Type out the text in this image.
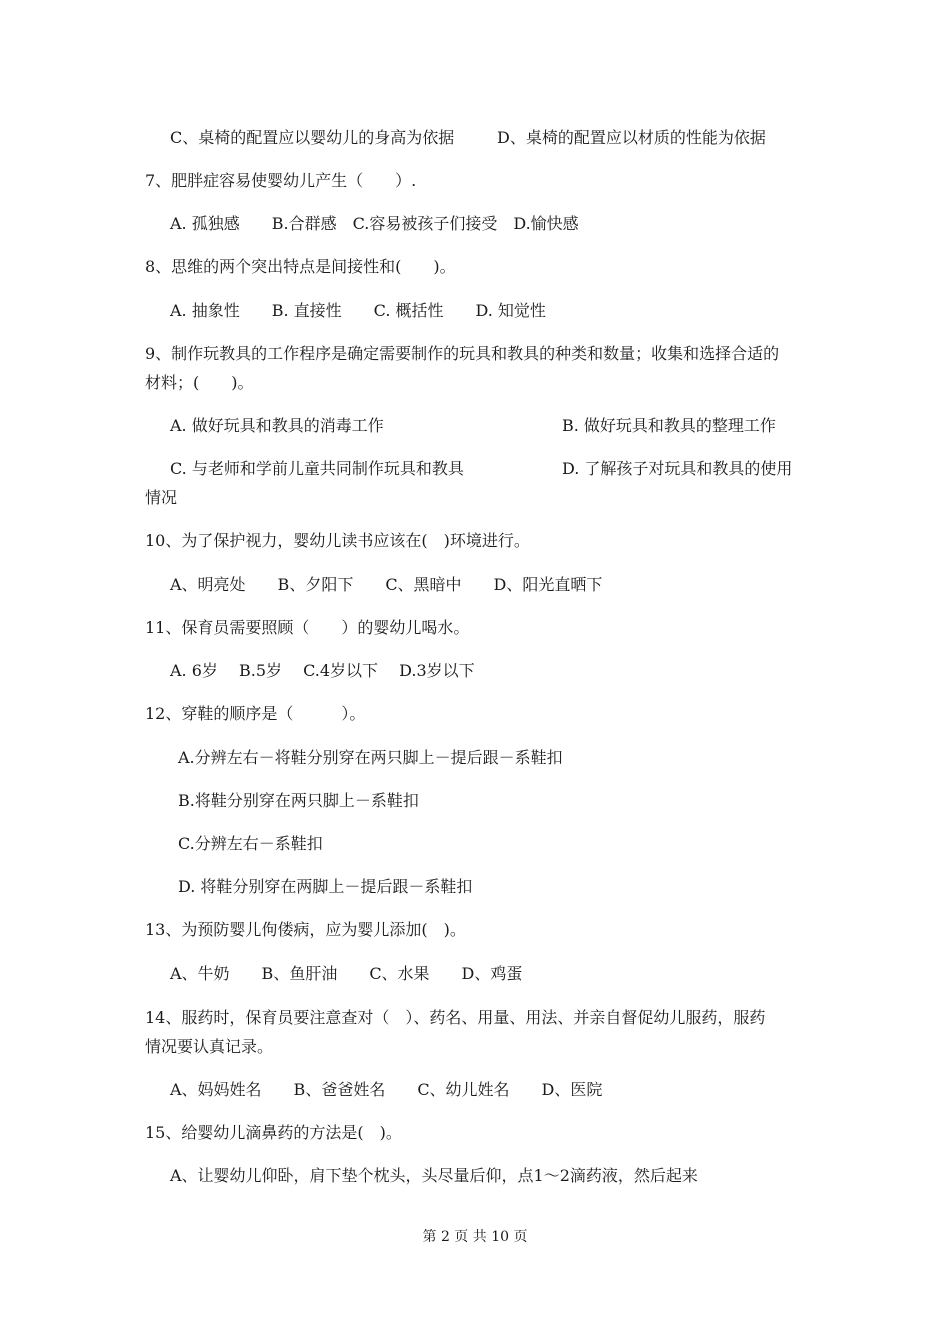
C、桌椅的配置应以婴幼儿的身高为依据	D、桌椅的配置应以材质的性能为依据
7、肥胖症容易使婴幼儿产生（　　）.
A. 孤独感　　B.合群感　C.容易被孩子们接受　D.愉快感
8、思维的两个突出特点是间接性和(　　)。
A. 抽象性　　B. 直接性　　C. 概括性　　D. 知觉性
9、制作玩教具的工作程序是确定需要制作的玩具和教具的种类和数量；收集和选择合适的
材料；(　　)。
A. 做好玩具和教具的消毒工作	B. 做好玩具和教具的整理工作
C. 与老师和学前儿童共同制作玩具和教具	D. 了解孩子对玩具和教具的使用
情况
10、为了保护视力，婴幼儿读书应该在(　)环境进行。
A、明亮处　　B、夕阳下　　C、黑暗中　　D、阳光直晒下
11、保育员需要照顾（　　）的婴幼儿喝水。
A. 6岁　 B.5岁　 C.4岁以下　 D.3岁以下
12、穿鞋的顺序是（　　　）。
A.分辨左右－将鞋分别穿在两只脚上－提后跟－系鞋扣
B.将鞋分别穿在两只脚上－系鞋扣
C.分辨左右－系鞋扣
D. 将鞋分别穿在两脚上－提后跟－系鞋扣
13、为预防婴儿佝偻病，应为婴儿添加(　)。
A、牛奶　　B、鱼肝油　　C、水果　　D、鸡蛋
14、服药时，保育员要注意查对（　）、药名、用量、用法、并亲自督促幼儿服药，服药
情况要认真记录。
A、妈妈姓名　　B、爸爸姓名　　C、幼儿姓名　　D、医院
15、给婴幼儿滴鼻药的方法是(　)。
A、让婴幼儿仰卧，肩下垫个枕头，头尽量后仰，点1～2滴药液，然后起来
第 2 页 共 10 页
